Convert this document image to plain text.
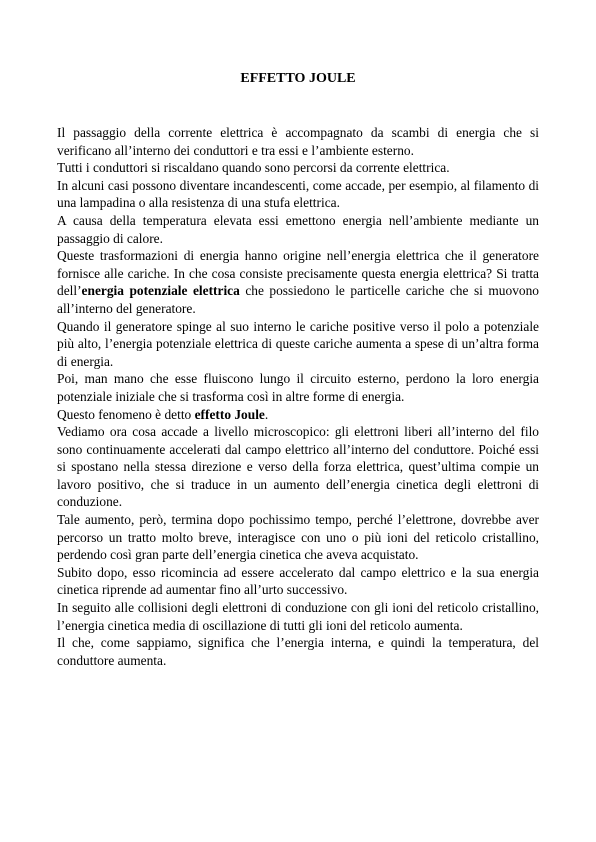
EFFETTO JOULE

Il passaggio della corrente elettrica è accompagnato da scambi di energia che si verificano all’interno dei conduttori e tra essi e l’ambiente esterno.

Tutti i conduttori si riscaldano quando sono percorsi da corrente elettrica.

In alcuni casi possono diventare incandescenti, come accade, per esempio, al filamento di una lampadina o alla resistenza di una stufa elettrica.

A causa della temperatura elevata essi emettono energia nell’ambiente mediante un passaggio di calore.

Queste trasformazioni di energia hanno origine nell’energia elettrica che il generatore fornisce alle cariche. In che cosa consiste precisamente questa energia elettrica? Si tratta dell’energia potenziale elettrica che possiedono le particelle cariche che si muovono all’interno del generatore.

Quando il generatore spinge al suo interno le cariche positive verso il polo a potenziale più alto, l’energia potenziale elettrica di queste cariche aumenta a spese di un’altra forma di energia.

Poi, man mano che esse fluiscono lungo il circuito esterno, perdono la loro energia potenziale iniziale che si trasforma così in altre forme di energia.

Questo fenomeno è detto effetto Joule.

Vediamo ora cosa accade a livello microscopico: gli elettroni liberi all’interno del filo sono continuamente accelerati dal campo elettrico all’interno del conduttore. Poiché essi si spostano nella stessa direzione e verso della forza elettrica, quest’ultima compie un lavoro positivo, che si traduce in un aumento dell’energia cinetica degli elettroni di conduzione.

Tale aumento, però, termina dopo pochissimo tempo, perché l’elettrone, dovrebbe aver percorso un tratto molto breve, interagisce con uno o più ioni del reticolo cristallino, perdendo così gran parte dell’energia cinetica che aveva acquistato.

Subito dopo, esso ricomincia ad essere accelerato dal campo elettrico e la sua energia cinetica riprende ad aumentar fino all’urto successivo.

In seguito alle collisioni degli elettroni di conduzione con gli ioni del reticolo cristallino, l’energia cinetica media di oscillazione di tutti gli ioni del reticolo aumenta.

Il che, come sappiamo, significa che l’energia interna, e quindi la temperatura, del conduttore aumenta.
